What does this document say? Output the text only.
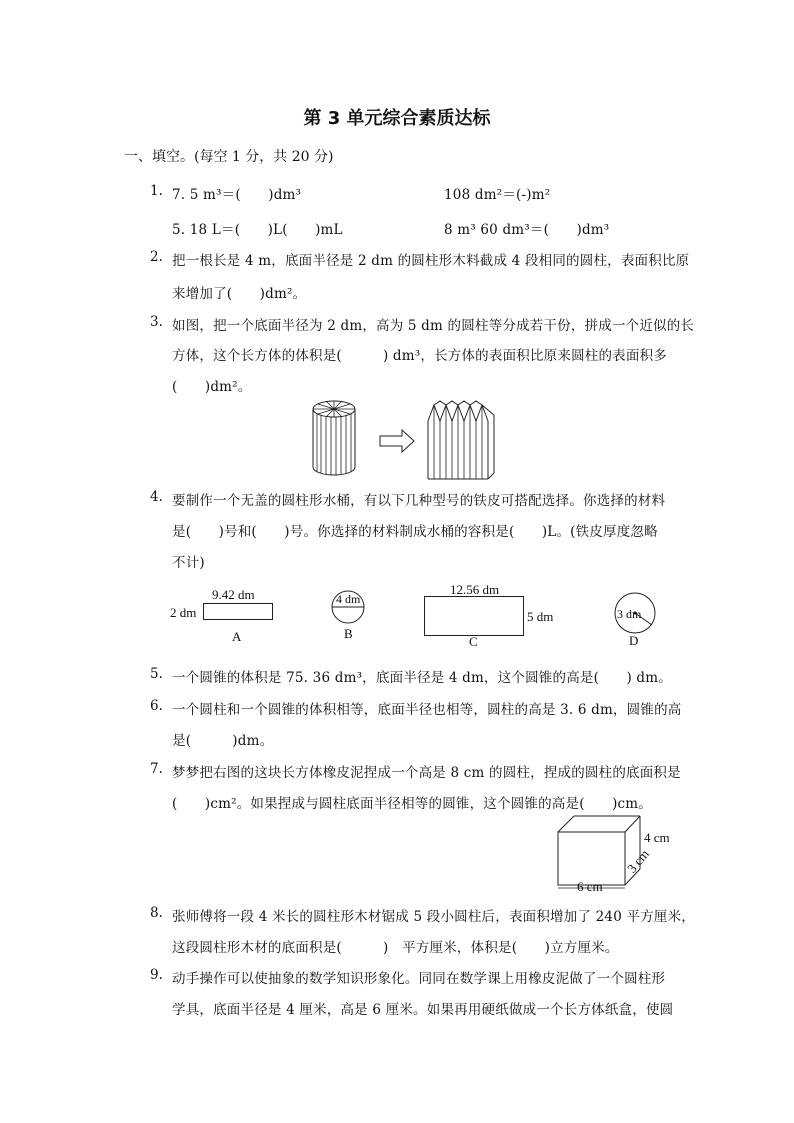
第 3 单元综合素质达标
一、填空。(每空 1 分，共 20 分)
1. 7. 5 m³＝(　　)dm³	108 dm²＝(-)m²
5. 18 L＝(　　)L(　　)mL	8 m³ 60 dm³＝(　　)dm³
2. 把一根长是 4 m，底面半径是 2 dm 的圆柱形木料截成 4 段相同的圆柱，表面积比原
来增加了(　　)dm²。
3. 如图，把一个底面半径为 2 dm，高为 5 dm 的圆柱等分成若干份，拼成一个近似的长
方体，这个长方体的体积是(　　　) dm³，长方体的表面积比原来圆柱的表面积多
(　　)dm²。
4. 要制作一个无盖的圆柱形水桶，有以下几种型号的铁皮可搭配选择。你选择的材料
是(　　)号和(　　)号。你选择的材料制成水桶的容积是(　　)L。(铁皮厚度忽略
不计)
9.42 dm
2 dm
A
4 dm
B
12.56 dm
5 dm
C
3 dm
D
5. 一个圆锥的体积是 75. 36 dm³，底面半径是 4 dm，这个圆锥的高是(　　) dm。
6. 一个圆柱和一个圆锥的体积相等，底面半径也相等，圆柱的高是 3. 6 dm，圆锥的高
是(　　　)dm。
7. 梦梦把右图的这块长方体橡皮泥捏成一个高是 8 cm 的圆柱，捏成的圆柱的底面积是
(　　)cm²。如果捏成与圆柱底面半径相等的圆锥，这个圆锥的高是(　　)cm。
4 cm
6 cm
3 cm
8. 张师傅将一段 4 米长的圆柱形木材锯成 5 段小圆柱后，表面积增加了 240 平方厘米，
这段圆柱形木材的底面积是(　　　)　平方厘米，体积是(　　)立方厘米。
9. 动手操作可以使抽象的数学知识形象化。同同在数学课上用橡皮泥做了一个圆柱形
学具，底面半径是 4 厘米，高是 6 厘米。如果再用硬纸做成一个长方体纸盒，使圆
